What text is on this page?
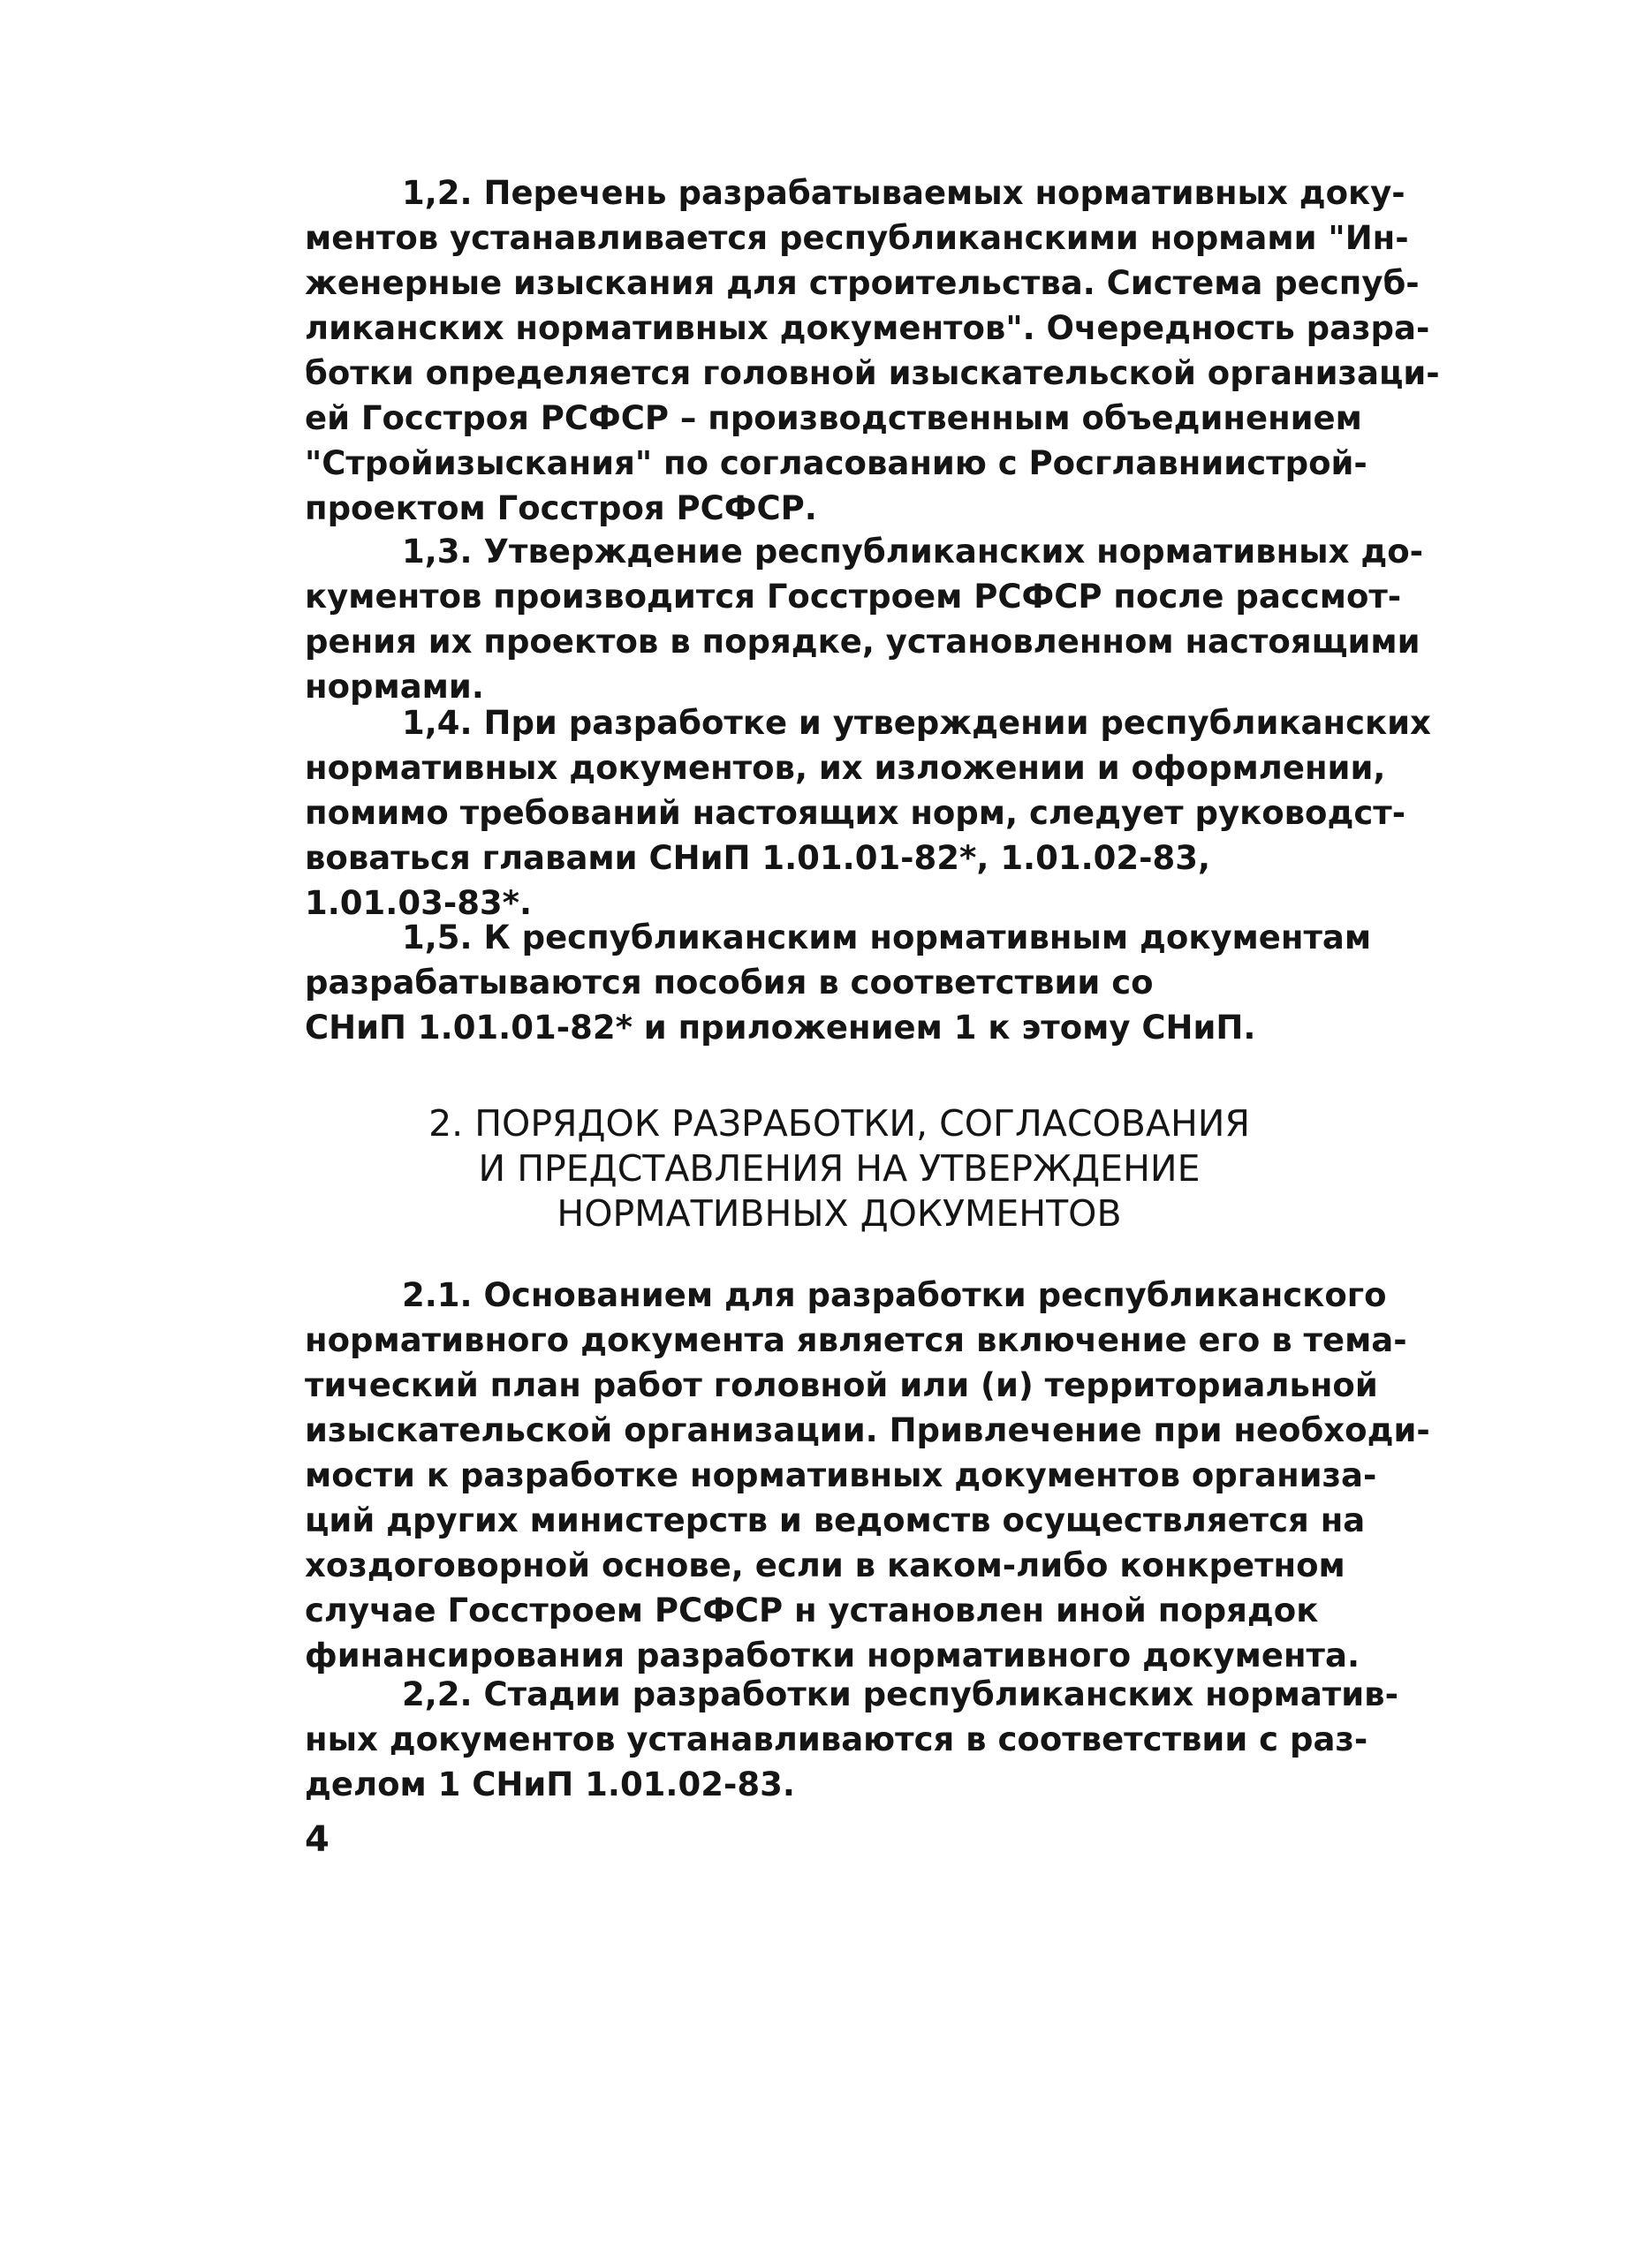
1,2. Перечень разрабатываемых нормативных доку-
ментов устанавливается республиканскими нормами "Ин-
женерные изыскания для строительства. Система респуб-
ликанских нормативных документов". Очередность разра-
ботки определяется головной изыскательской организаци-
ей Госстроя РСФСР – производственным объединением
"Стройизыскания" по согласованию с Росглавниистрой-
проектом Госстроя РСФСР.
1,3. Утверждение республиканских нормативных до-
кументов производится Госстроем РСФСР после рассмот-
рения их проектов в порядке, установленном настоящими
нормами.
1,4. При разработке и утверждении республиканских
нормативных документов, их изложении и оформлении,
помимо требований настоящих норм, следует руководст-
воваться главами СНиП 1.01.01-82*, 1.01.02-83,
1.01.03-83*.
1,5. К республиканским нормативным документам
разрабатываются пособия в соответствии со
СНиП 1.01.01-82* и приложением 1 к этому СНиП.
2. ПОРЯДОК РАЗРАБОТКИ, СОГЛАСОВАНИЯ
И ПРЕДСТАВЛЕНИЯ НА УТВЕРЖДЕНИЕ
НОРМАТИВНЫХ ДОКУМЕНТОВ
2.1. Основанием для разработки республиканского
нормативного документа является включение его в тема-
тический план работ головной или (и) территориальной
изыскательской организации. Привлечение при необходи-
мости к разработке нормативных документов организа-
ций других министерств и ведомств осуществляется на
хоздоговорной основе, если в каком-либо конкретном
случае Госстроем РСФСР н установлен иной порядок
финансирования разработки нормативного документа.
2,2. Стадии разработки республиканских норматив-
ных документов устанавливаются в соответствии с раз-
делом 1 СНиП 1.01.02-83.
4
